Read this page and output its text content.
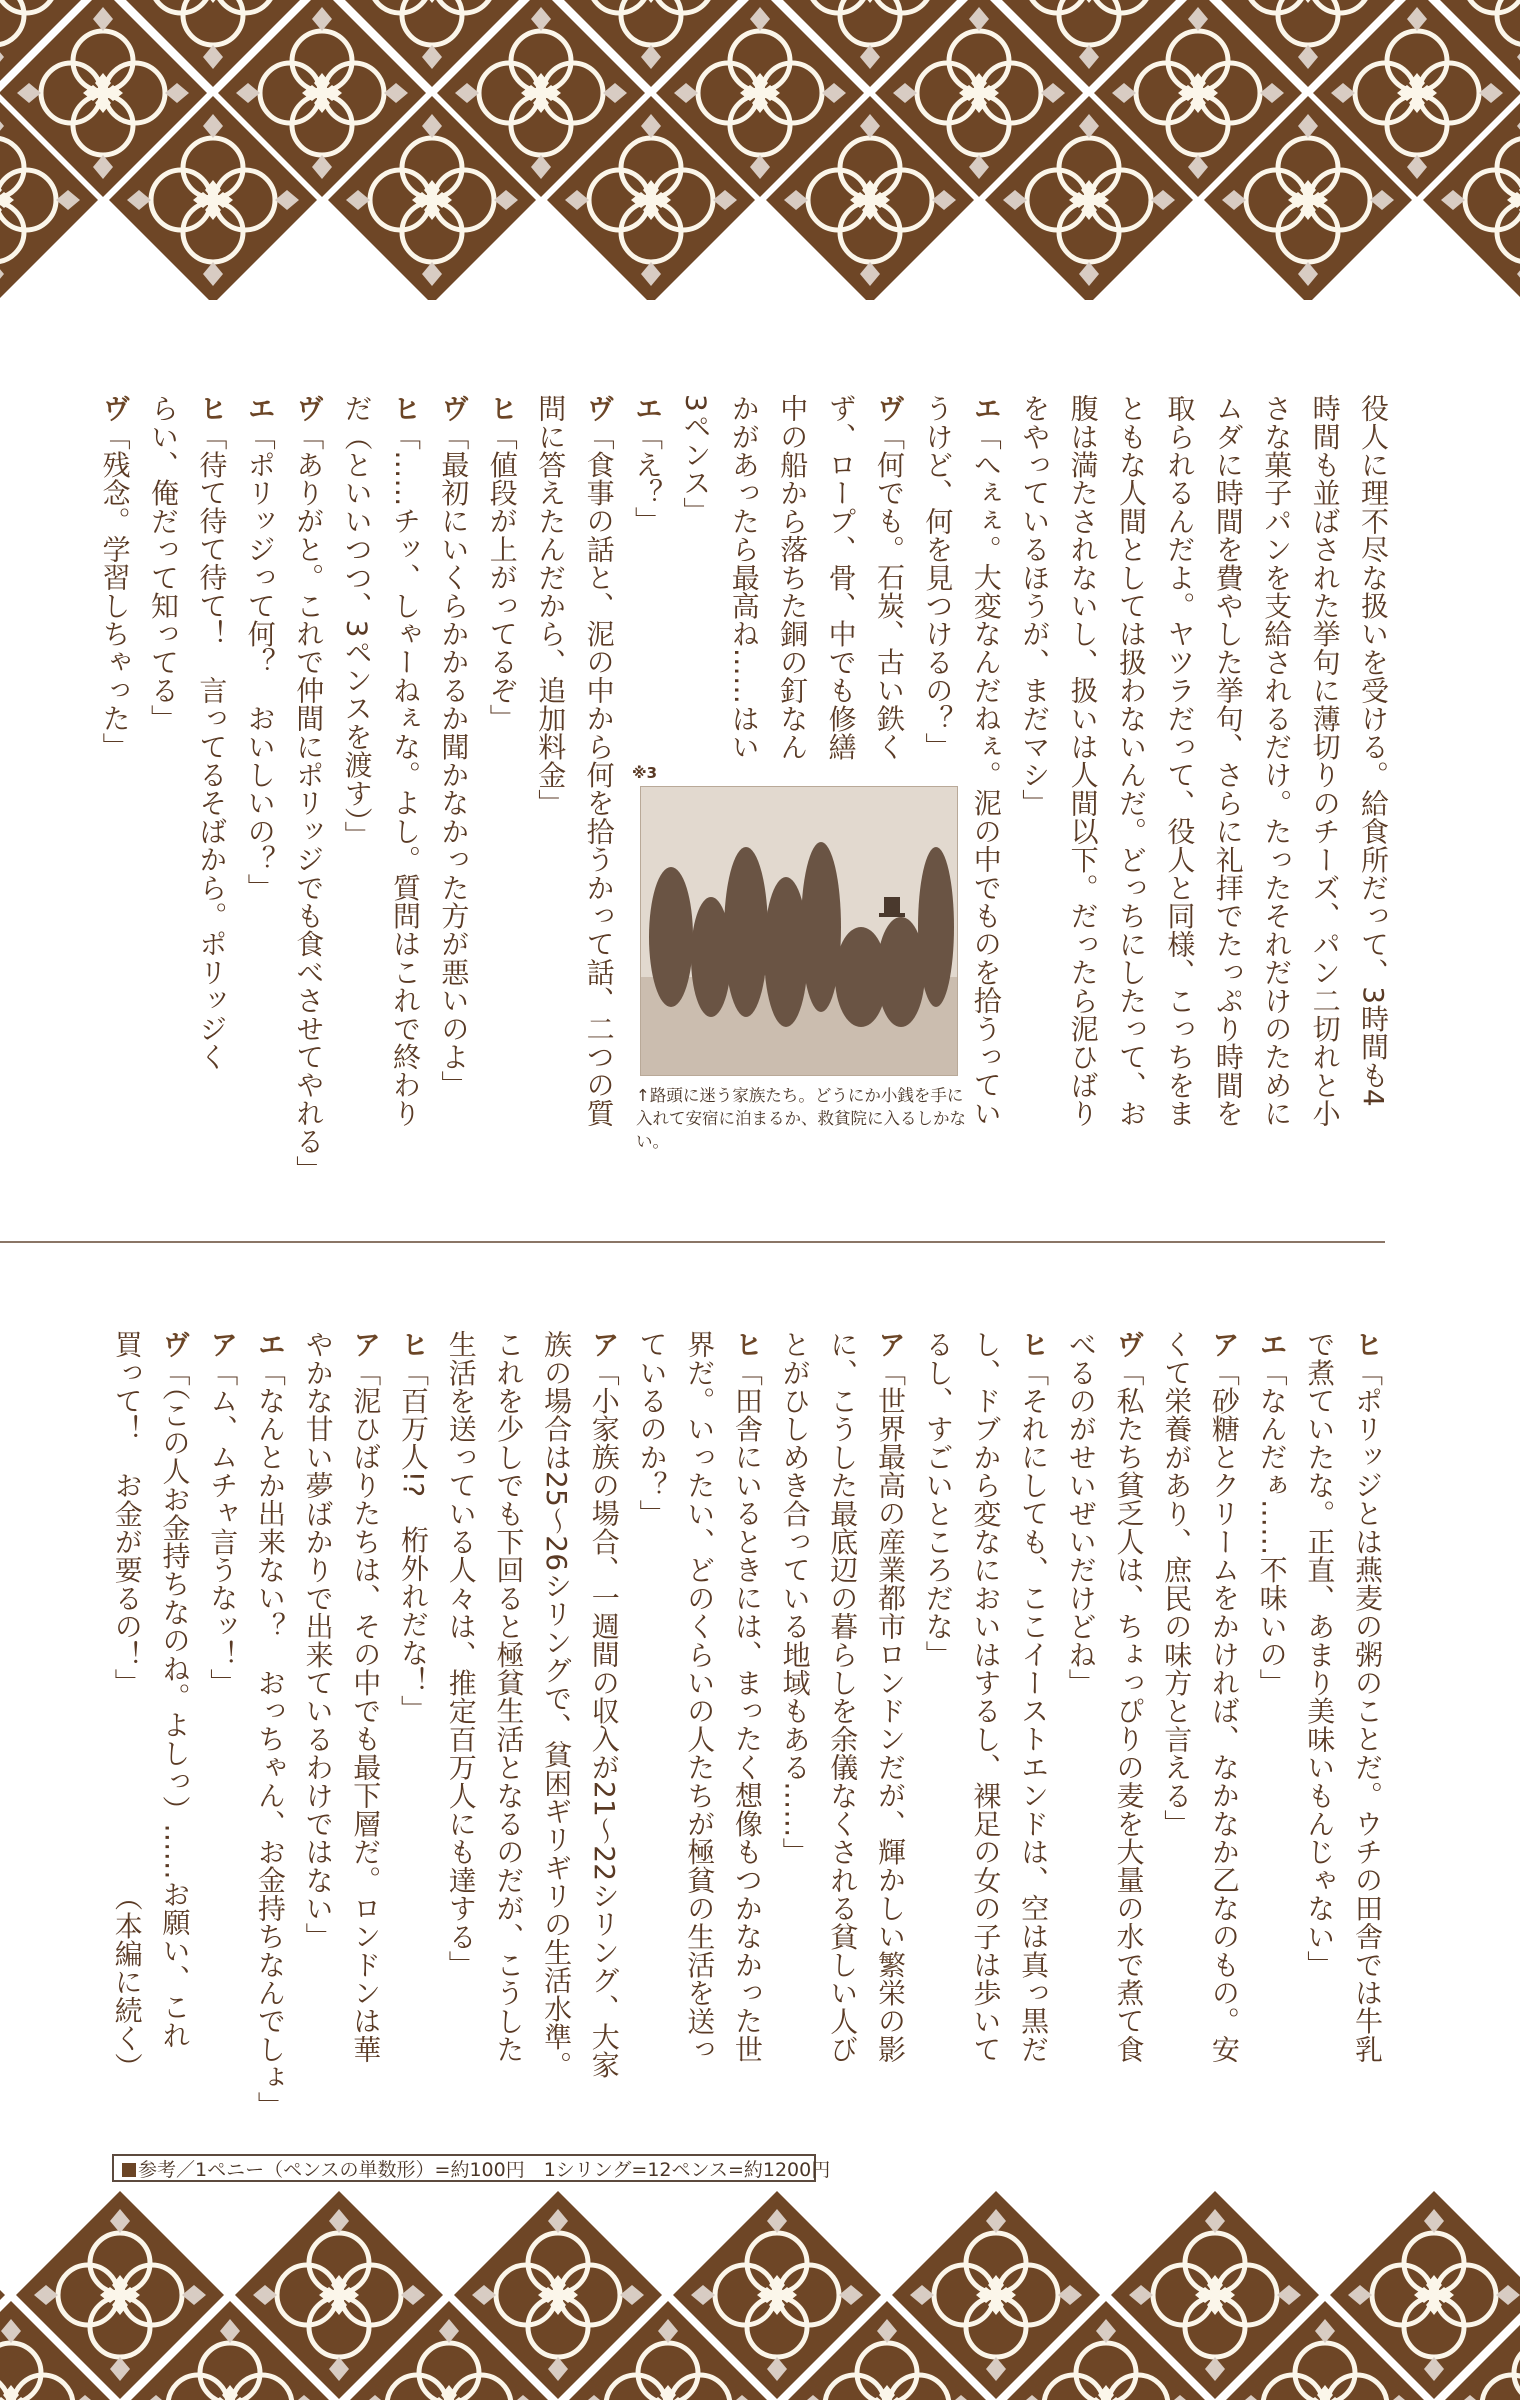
役人に理不尽な扱いを受ける。給食所だって、3時間も4
時間も並ばされた挙句に薄切りのチーズ、パン二切れと小
さな菓子パンを支給されるだけ。たったそれだけのために
ムダに時間を費やした挙句、さらに礼拝でたっぷり時間を
取られるんだよ。ヤツラだって、役人と同様、こっちをま
ともな人間としては扱わないんだ。どっちにしたって、お
腹は満たされないし、扱いは人間以下。だったら泥ひばり
をやっているほうが、まだマシ」
エ「へぇぇ。大変なんだねぇ。泥の中でものを拾うってい
うけど、何を見つけるの？」
ヴ「何でも。石炭、古い鉄く
ず、ロープ、骨、中でも修繕
中の船から落ちた銅の釘なん
かがあったら最高ね……はい
3ペンス」
エ「え？」
ヴ「食事の話と、泥の中から何を拾うかって話、二つの質
問に答えたんだから、追加料金」
ヒ「値段が上がってるぞ」
ヴ「最初にいくらかかるか聞かなかった方が悪いのよ」
ヒ「……チッ、しゃーねぇな。よし。質問はこれで終わり
だ（といいつつ、3ペンスを渡す）」
ヴ「ありがと。これで仲間にポリッジでも食べさせてやれる」
エ「ポリッジって何？　おいしいの？」
ヒ「待て待て待て！　言ってるそばから。ポリッジく
らい、俺だって知ってる」
ヴ「残念。学習しちゃった」
※3
↑路頭に迷う家族たち。どうにか小銭を手に入れて安宿に泊まるか、救貧院に入るしかない。
ヒ「ポリッジとは燕麦の粥のことだ。ウチの田舎では牛乳
で煮ていたな。正直、あまり美味いもんじゃない」
エ「なんだぁ……不味いの」
ア「砂糖とクリームをかければ、なかなか乙なのもの。安
くて栄養があり、庶民の味方と言える」
ヴ「私たち貧乏人は、ちょっぴりの麦を大量の水で煮て食
べるのがせいぜいだけどね」
ヒ「それにしても、ここイーストエンドは、空は真っ黒だ
し、ドブから変なにおいはするし、裸足の女の子は歩いて
るし、すごいところだな」
ア「世界最高の産業都市ロンドンだが、輝かしい繁栄の影
に、こうした最底辺の暮らしを余儀なくされる貧しい人び
とがひしめき合っている地域もある……」
ヒ「田舎にいるときには、まったく想像もつかなかった世
界だ。いったい、どのくらいの人たちが極貧の生活を送っ
ているのか？」
ア「小家族の場合、一週間の収入が21〜22シリング、大家
族の場合は25〜26シリングで、貧困ギリギリの生活水準。
これを少しでも下回ると極貧生活となるのだが、こうした
生活を送っている人々は、推定百万人にも達する」
ヒ「百万人!?　桁外れだな！」
ア「泥ひばりたちは、その中でも最下層だ。ロンドンは華
やかな甘い夢ばかりで出来ているわけではない」
エ「なんとか出来ない？　おっちゃん、お金持ちなんでしょ」
ア「ム、ムチャ言うなッ！」
ヴ「（この人お金持ちなのね。よしっ）……お願い、これ
買って！　お金が要るの！」
（本編に続く）
参考／1ペニー（ペンスの単数形）=約100円　1シリング=12ペンス=約1200円
